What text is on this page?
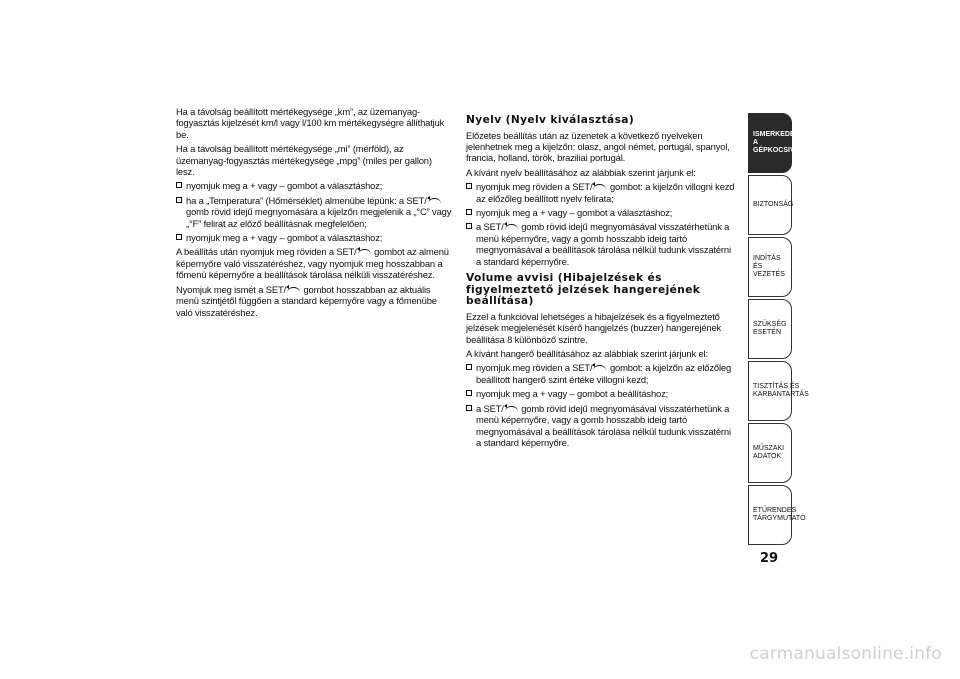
Ha a távolság beállított mértékegysége „km”, az üzemanyag-fogyasztás kijelzését km/l vagy l/100 km mértékegységre állíthatjuk be.

Ha a távolság beállított mértékegysége „mi” (mérföld), az üzemanyag-fogyasztás mértékegysége „mpg” (miles per gallon) lesz.

nyomjuk meg a + vagy – gombot a választáshoz;
ha a „Temperatura” (Hőmérséklet) almenübe lépünk: a SET/ gomb rövid idejű megnyomására a kijelzőn megjelenik a „°C” vagy „°F” felirat az előző beállításnak megfelelően;
nyomjuk meg a + vagy – gombot a választáshoz;

A beállítás után nyomjuk meg röviden a SET/ gombot az almenü képernyőre való visszatéréshez, vagy nyomjuk meg hosszabban a főmenü képernyőre a beállítások tárolása nélküli visszatéréshez.

Nyomjuk meg ismét a SET/ gombot hosszabban az aktuális menü szintjétől függően a standard képernyőre vagy a főmenübe való visszatéréshez.

Nyelv (Nyelv kiválasztása)

Előzetes beállítás után az üzenetek a következő nyelveken jelenhetnek meg a kijelzőn: olasz, angol német, portugál, spanyol, francia, holland, török, braziliai portugál.

A kívánt nyelv beállításához az alábbiak szerint járjunk el:

nyomjuk meg röviden a SET/ gombot: a kijelzőn villogni kezd az előzőleg beállított nyelv felirata;
nyomjuk meg a + vagy – gombot a választáshoz;
a SET/ gomb rövid idejű megnyomásával visszatérhetünk a menü képernyőre, vagy a gomb hosszabb ideig tartó megnyomásával a beállítások tárolása nélkül tudunk visszatérni a standard képernyőre.
Volume avvisi (Hibajelzések és figyelmeztető jelzések hangerejének beállítása)

Ezzel a funkcióval lehetséges a hibajelzések és a figyelmeztető jelzések megjelenését kísérő hangjelzés (buzzer) hangerejének beállítása 8 különböző szintre.

A kívánt hangerő beállításához az alábbiak szerint járjunk el:

nyomjuk meg röviden a SET/ gombot: a kijelzőn az előzőleg beállított hangerő szint értéke villogni kezd;
nyomjuk meg a + vagy – gombot a beállításhoz;
a SET/ gomb rövid idejű megnyomásával visszatérhetünk a menü képernyőre, vagy a gomb hosszabb ideig tartó megnyomásával a beállítások tárolása nélkül tudunk visszatérni a standard képernyőre.
ISMERKEDÉS A
GÉPKOCSIVAL
BIZTONSÁG
INDÍTÁS ÉS VEZETÉS
SZÜKSÉG ESETÉN
TISZTÍTÁS ÉS
KARBANTARTÁS
MŰSZAKI ADATOK
ETŰRENDES
TÁRGYMUTATÓ
29
carmanualsonline.info
